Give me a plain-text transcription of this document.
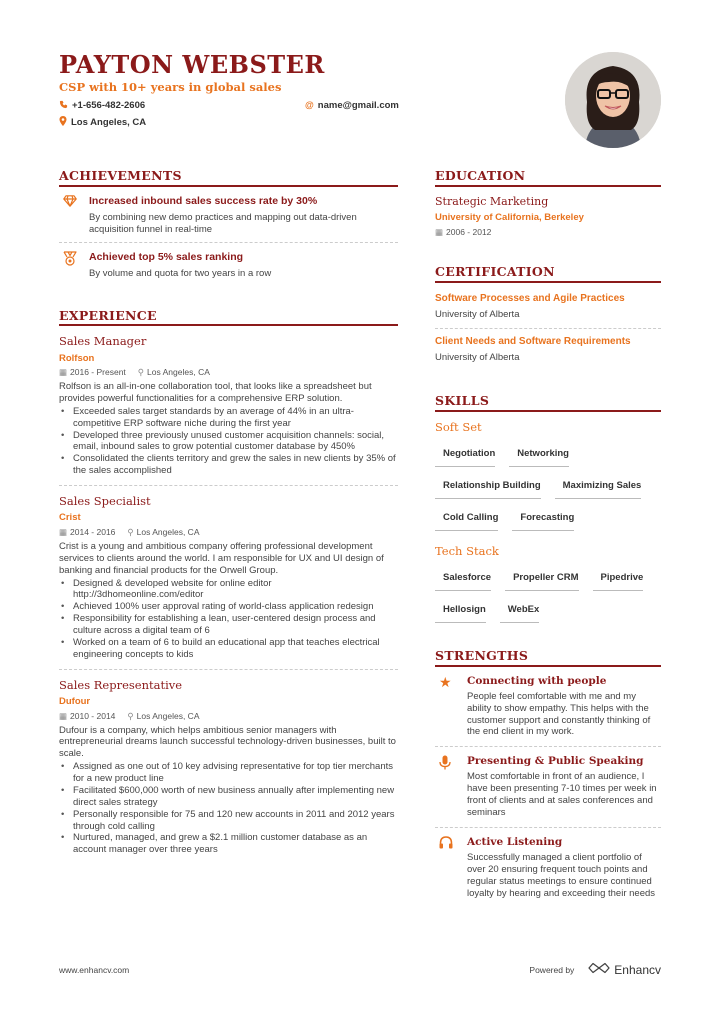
PAYTON WEBSTER
CSP with 10+ years in global sales
+1-656-482-2606	@ name@gmail.com
Los Angeles, CA
ACHIEVEMENTS
Increased inbound sales success rate by 30%
By combining new demo practices and mapping out data-driven acquisition funnel in real-time
Achieved top 5% sales ranking
By volume and quota for two years in a row
EXPERIENCE
Sales Manager
Rolfson
▦ 2016 - Present ⚲ Los Angeles, CA
Rolfson is an all-in-one collaboration tool, that looks like a spreadsheet but provides powerful functionalities for a comprehensive ERP solution.
• Exceeded sales target standards by an average of 44% in an ultra-competitive ERP software niche during the first year
• Developed three previously unused customer acquisition channels: social, email, inbound sales to grow potential customer database by 450%
• Consolidated the clients territory and grew the sales in new clients by 35% of the sales accomplished
Sales Specialist
Crist
▦ 2014 - 2016 ⚲ Los Angeles, CA
Crist is a young and ambitious company offering professional development services to clients around the world. I am responsible for UX and UI design of banking and financial products for the Orwell Group.
• Designed & developed website for online editor http://3dhomeonline.com/editor
• Achieved 100% user approval rating of world-class application redesign
• Responsibility for establishing a lean, user-centered design process and culture across a digital team of 6
• Worked on a team of 6 to build an educational app that teaches electrical engineering concepts to kids
Sales Representative
Dufour
▦ 2010 - 2014 ⚲ Los Angeles, CA
Dufour is a company, which helps ambitious senior managers with entrepreneurial dreams launch successful technology-driven businesses, built to scale.
• Assigned as one out of 10 key advising representative for top tier merchants for a new product line
• Facilitated $600,000 worth of new business annually after implementing new direct sales strategy
• Personally responsible for 75 and 120 new accounts in 2011 and 2012 years through cold calling
• Nurtured, managed, and grew a $2.1 million customer database as an account manager over three years
EDUCATION
Strategic Marketing
University of California, Berkeley
▦ 2006 - 2012
CERTIFICATION
Software Processes and Agile Practices
University of Alberta
Client Needs and Software Requirements
University of Alberta
SKILLS
Soft Set
Negotiation	Networking
Relationship Building	Maximizing Sales
Cold Calling	Forecasting
Tech Stack
Salesforce	Propeller CRM	Pipedrive
Hellosign	WebEx
STRENGTHS
★	Connecting with people
People feel comfortable with me and my ability to show empathy. This helps with the customer support and constantly thinking of the end client in my work.
Presenting & Public Speaking
Most comfortable in front of an audience, I have been presenting 7-10 times per week in front of clients and at sales conferences and seminars
Active Listening
Successfully managed a client portfolio of over 20 ensuring frequent touch points and regular status meetings to ensure continued loyalty by hearing and exceeding their needs
www.enhancv.com	Powered by	Enhancv
